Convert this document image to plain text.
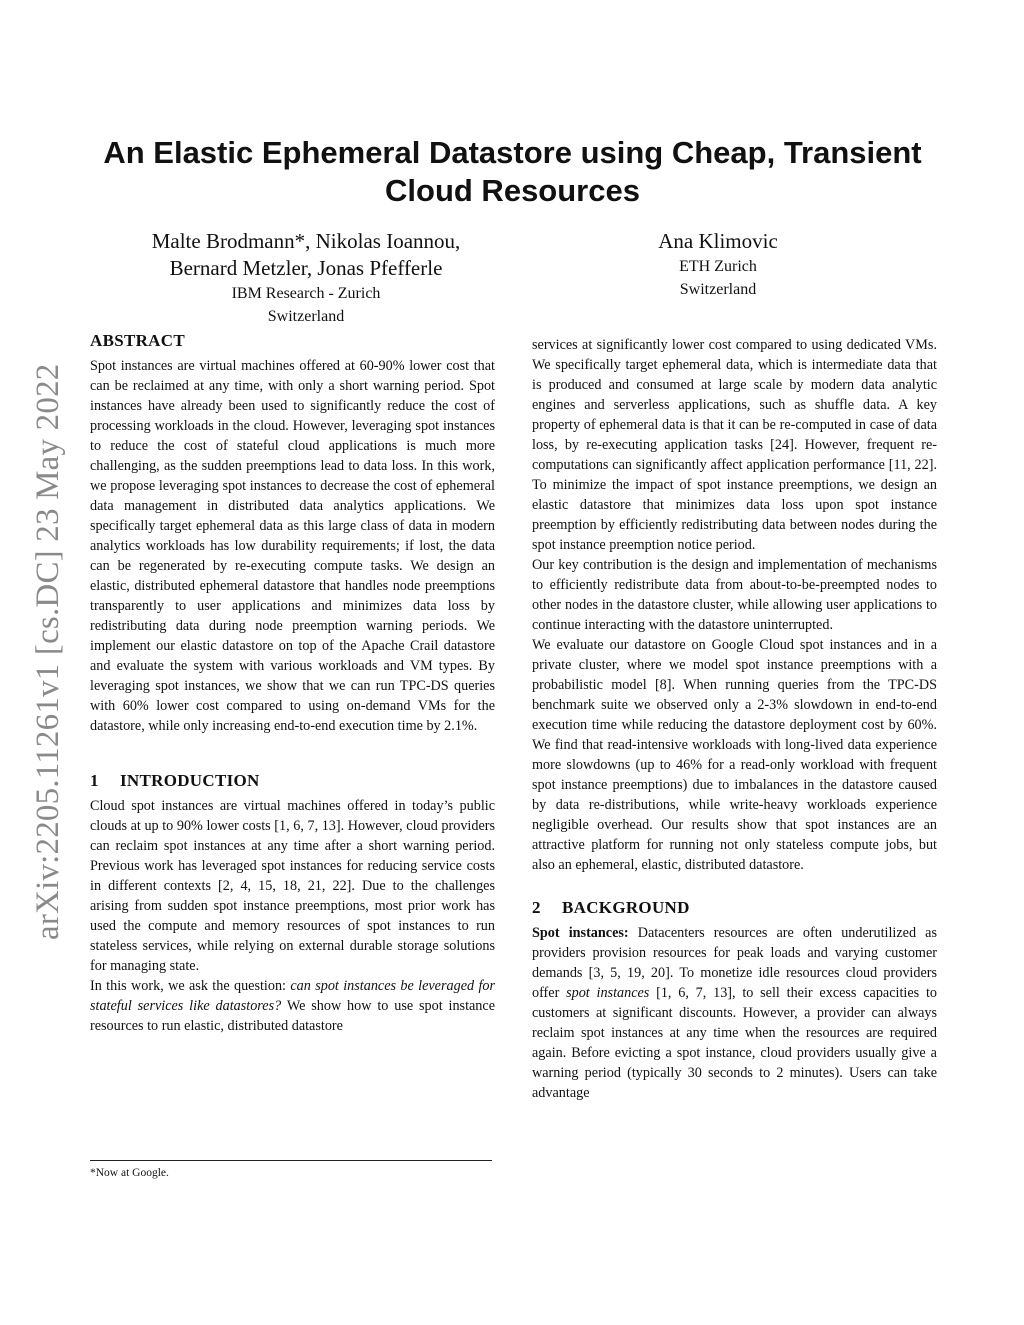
arXiv:2205.11261v1 [cs.DC] 23 May 2022
An Elastic Ephemeral Datastore using Cheap, Transient Cloud Resources

Malte Brodmann*, Nikolas Ioannou,

Bernard Metzler, Jonas Pfefferle

IBM Research - Zurich

Switzerland

Ana Klimovic

ETH Zurich

Switzerland

ABSTRACT

Spot instances are virtual machines offered at 60-90% lower cost that can be reclaimed at any time, with only a short warning period. Spot instances have already been used to significantly reduce the cost of processing workloads in the cloud. However, leveraging spot instances to reduce the cost of stateful cloud applications is much more challenging, as the sudden preemptions lead to data loss. In this work, we propose leveraging spot instances to decrease the cost of ephemeral data management in distributed data analytics applications. We specifically target ephemeral data as this large class of data in modern analytics workloads has low durability requirements; if lost, the data can be regenerated by re-executing compute tasks. We design an elastic, distributed ephemeral datastore that handles node preemptions transparently to user applications and minimizes data loss by redistributing data during node preemption warning periods. We implement our elastic datastore on top of the Apache Crail datastore and evaluate the system with various workloads and VM types. By leveraging spot instances, we show that we can run TPC-DS queries with 60% lower cost compared to using on-demand VMs for the datastore, while only increasing end-to-end execution time by 2.1%.

1 INTRODUCTION

Cloud spot instances are virtual machines offered in today’s public clouds at up to 90% lower costs [1, 6, 7, 13]. However, cloud providers can reclaim spot instances at any time after a short warning period. Previous work has leveraged spot instances for reducing service costs in different contexts [2, 4, 15, 18, 21, 22]. Due to the challenges arising from sudden spot instance preemptions, most prior work has used the compute and memory resources of spot instances to run stateless services, while relying on external durable storage solutions for managing state.

In this work, we ask the question: can spot instances be leveraged for stateful services like datastores? We show how to use spot instance resources to run elastic, distributed datastore

services at significantly lower cost compared to using dedicated VMs. We specifically target ephemeral data, which is intermediate data that is produced and consumed at large scale by modern data analytic engines and serverless applications, such as shuffle data. A key property of ephemeral data is that it can be re-computed in case of data loss, by re-executing application tasks [24]. However, frequent re-computations can significantly affect application performance [11, 22]. To minimize the impact of spot instance preemptions, we design an elastic datastore that minimizes data loss upon spot instance preemption by efficiently redistributing data between nodes during the spot instance preemption notice period.

Our key contribution is the design and implementation of mechanisms to efficiently redistribute data from about-to-be-preempted nodes to other nodes in the datastore cluster, while allowing user applications to continue interacting with the datastore uninterrupted.

We evaluate our datastore on Google Cloud spot instances and in a private cluster, where we model spot instance preemptions with a probabilistic model [8]. When running queries from the TPC-DS benchmark suite we observed only a 2-3% slowdown in end-to-end execution time while reducing the datastore deployment cost by 60%. We find that read-intensive workloads with long-lived data experience more slowdowns (up to 46% for a read-only workload with frequent spot instance preemptions) due to imbalances in the datastore caused by data re-distributions, while write-heavy workloads experience negligible overhead. Our results show that spot instances are an attractive platform for running not only stateless compute jobs, but also an ephemeral, elastic, distributed datastore.

2 BACKGROUND

Spot instances: Datacenters resources are often underutilized as providers provision resources for peak loads and varying customer demands [3, 5, 19, 20]. To monetize idle resources cloud providers offer spot instances [1, 6, 7, 13], to sell their excess capacities to customers at significant discounts. However, a provider can always reclaim spot instances at any time when the resources are required again. Before evicting a spot instance, cloud providers usually give a warning period (typically 30 seconds to 2 minutes). Users can take advantage

*Now at Google.
